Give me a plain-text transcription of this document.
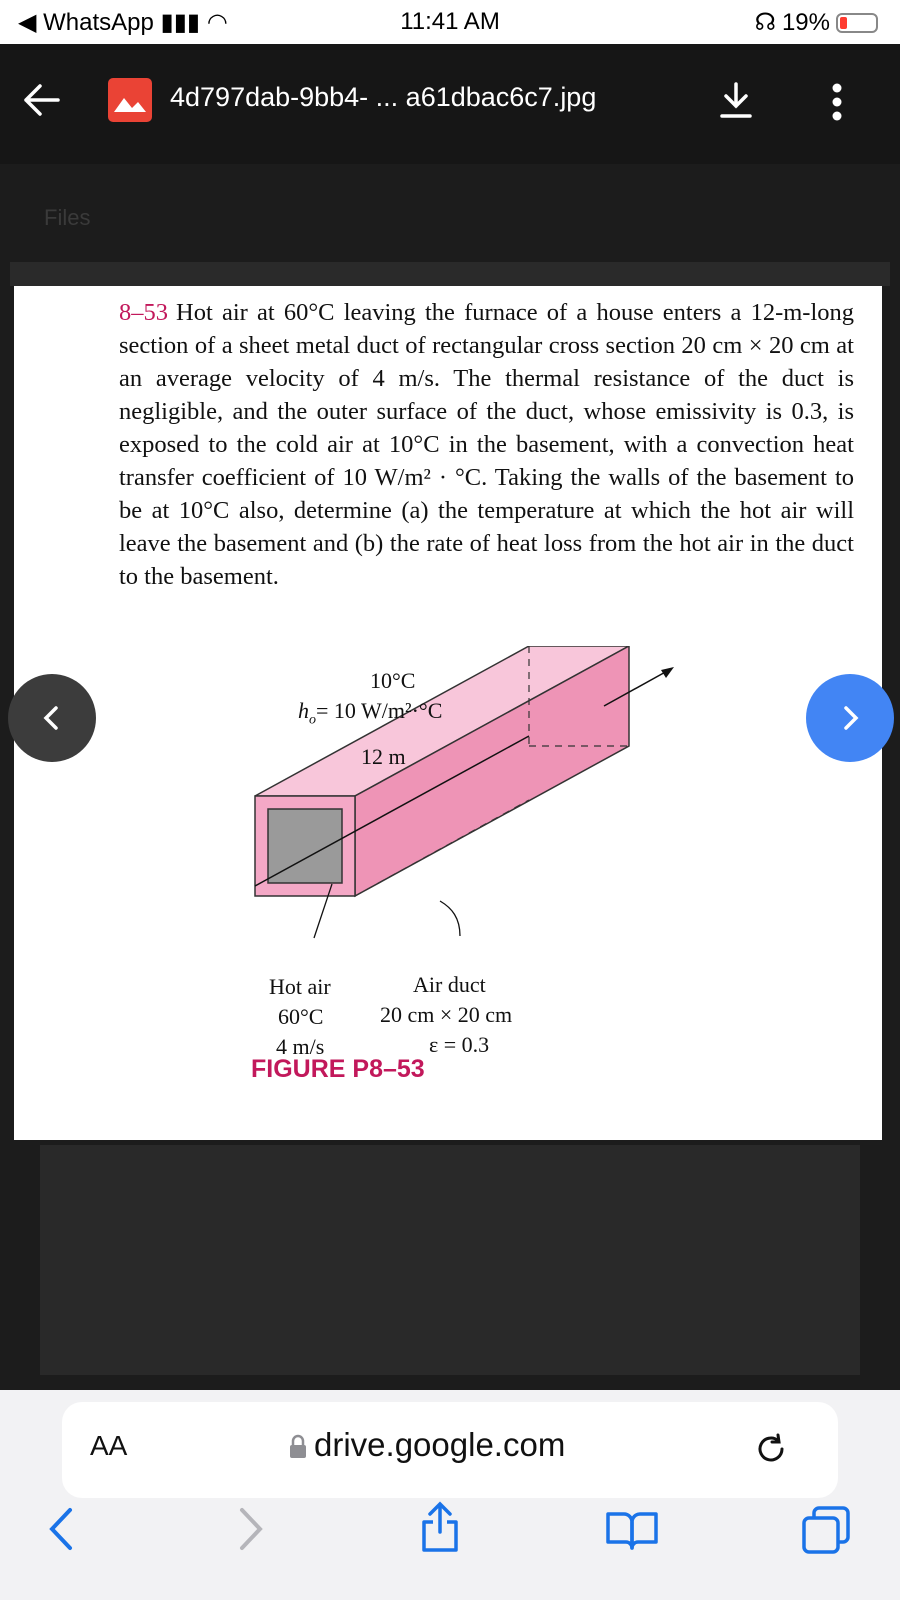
◀ WhatsApp ▮▮▮ ◠	11:41 AM	☊ 19%
4d797dab-9bb4- ... a61dbac6c7.jpg
Files
8–53 Hot air at 60°C leaving the furnace of a house enters a 12-m-long section of a sheet metal duct of rectangular cross section 20 cm × 20 cm at an average velocity of 4 m/s. The thermal resistance of the duct is negligible, and the outer surface of the duct, whose emissivity is 0.3, is exposed to the cold air at 10°C in the basement, with a convection heat transfer coefficient of 10 W/m² · °C. Taking the walls of the basement to be at 10°C also, determine (a) the temperature at which the hot air will leave the basement and (b) the rate of heat loss from the hot air in the duct to the basement.
10°C
$h_o= 10$ W/m²·°C
12 m
Hot air
60°C
4 m/s
Air duct
20 cm × 20 cm
ε = 0.3
FIGURE P8–53
AA	drive.google.com
